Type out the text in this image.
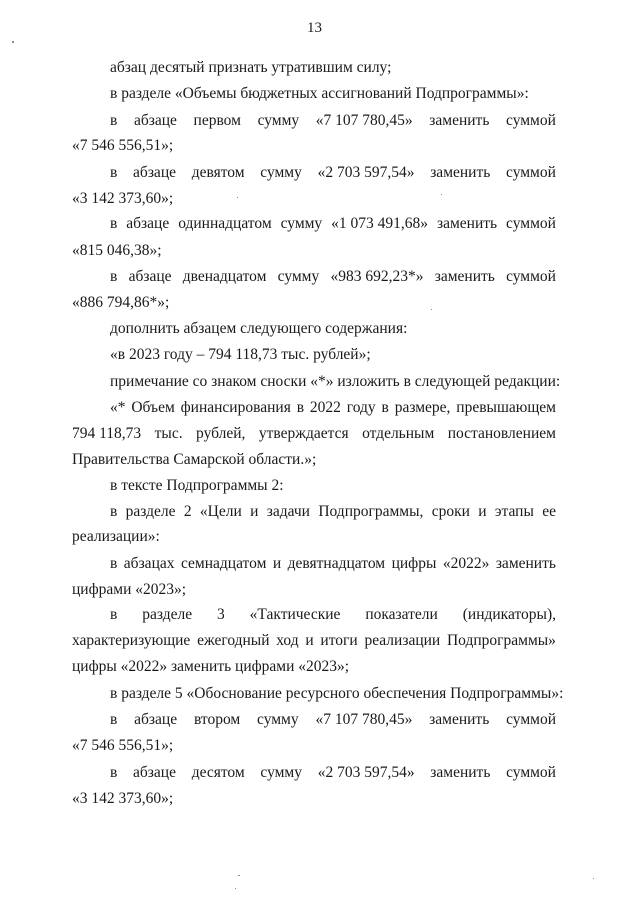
13
абзац десятый признать утратившим силу;
в разделе «Объемы бюджетных ассигнований Подпрограммы»:
в абзаце первом сумму «7 107 780,45» заменить суммой
«7 546 556,51»;
в абзаце девятом сумму «2 703 597,54» заменить суммой
«3 142 373,60»;
в абзаце одиннадцатом сумму «1 073 491,68» заменить суммой
«815 046,38»;
в абзаце двенадцатом сумму «983 692,23*» заменить суммой
«886 794,86*»;
дополнить абзацем следующего содержания:
«в 2023 году – 794 118,73 тыс. рублей»;
примечание со знаком сноски «*» изложить в следующей редакции:
«* Объем финансирования в 2022 году в размере, превышающем
794 118,73 тыс. рублей, утверждается отдельным постановлением
Правительства Самарской области.»;
в тексте Подпрограммы 2:
в разделе 2 «Цели и задачи Подпрограммы, сроки и этапы ее
реализации»:
в абзацах семнадцатом и девятнадцатом цифры «2022» заменить
цифрами «2023»;
в разделе 3 «Тактические показатели (индикаторы),
характеризующие ежегодный ход и итоги реализации Подпрограммы»
цифры «2022» заменить цифрами «2023»;
в разделе 5 «Обоснование ресурсного обеспечения Подпрограммы»:
в абзаце втором сумму «7 107 780,45» заменить суммой
«7 546 556,51»;
в абзаце десятом сумму «2 703 597,54» заменить суммой
«3 142 373,60»;
